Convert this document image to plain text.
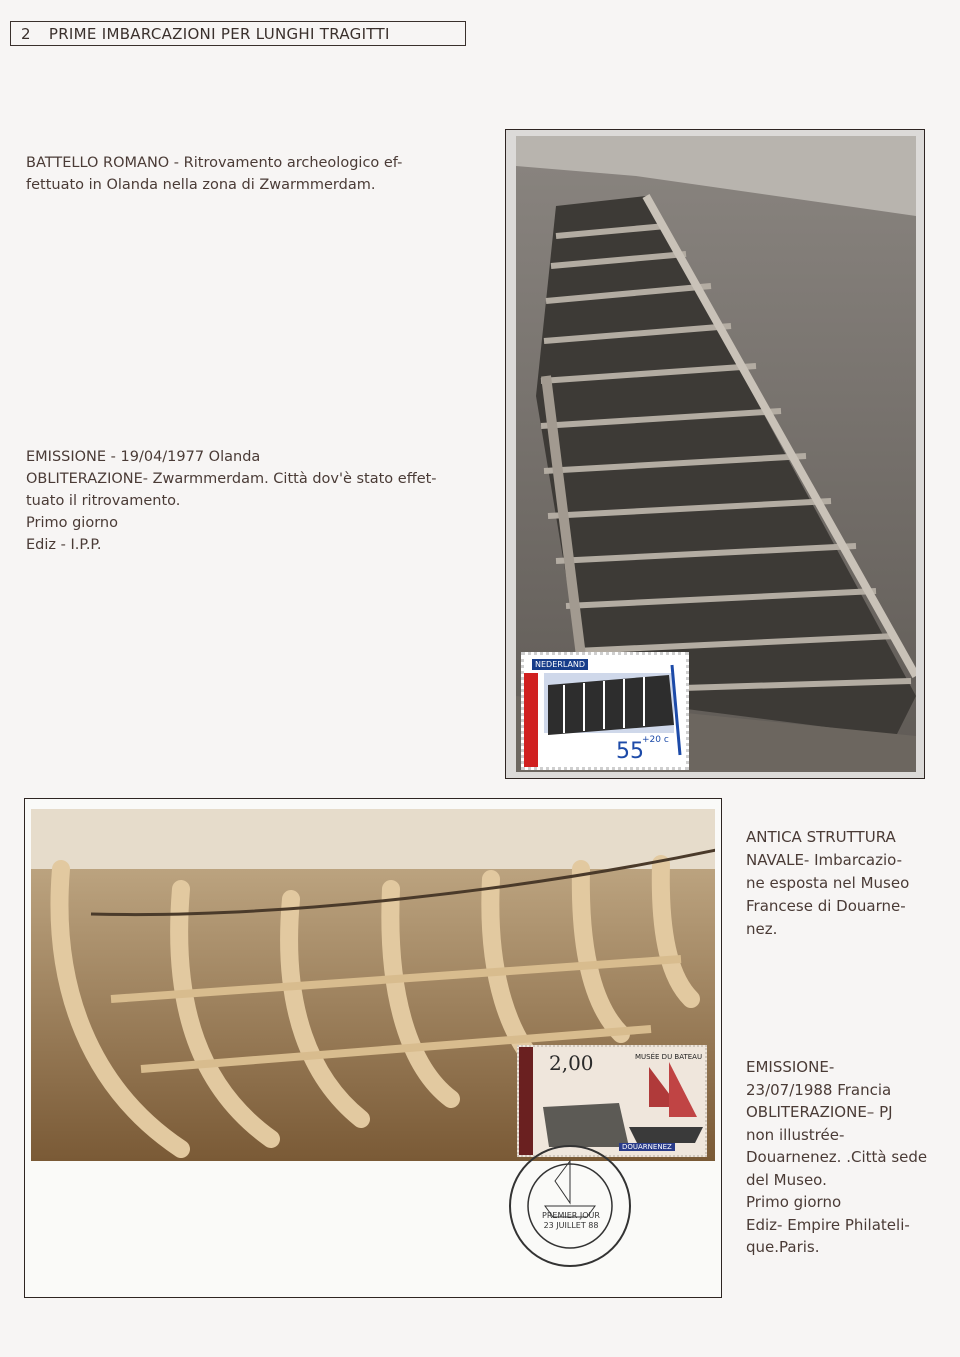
2 PRIME IMBARCAZIONI PER LUNGHI TRAGITTI

BATTELLO ROMANO - Ritrovamento archeologico ef-

fettuato in Olanda nella zona di Zwarmmerdam.

EMISSIONE - 19/04/1977 Olanda

OBLITERAZIONE- Zwarmmerdam. Città dov'è stato effet-

tuato il ritrovamento.

Primo giorno

Ediz - I.P.P.

NEDERLAND
55
+20 c
2,00	MUSÉE DU BATEAU
DOUARNENEZ
PREMIER JOUR
23 JUILLET 88

ANTICA STRUTTURA

NAVALE- Imbarcazio-

ne esposta nel Museo

Francese di Douarne-

nez.

EMISSIONE-

23/07/1988 Francia

OBLITERAZIONE– PJ

non illustrée-

Douarnenez. .Città sede

del Museo.

Primo giorno

Ediz- Empire Philateli-

que.Paris.
